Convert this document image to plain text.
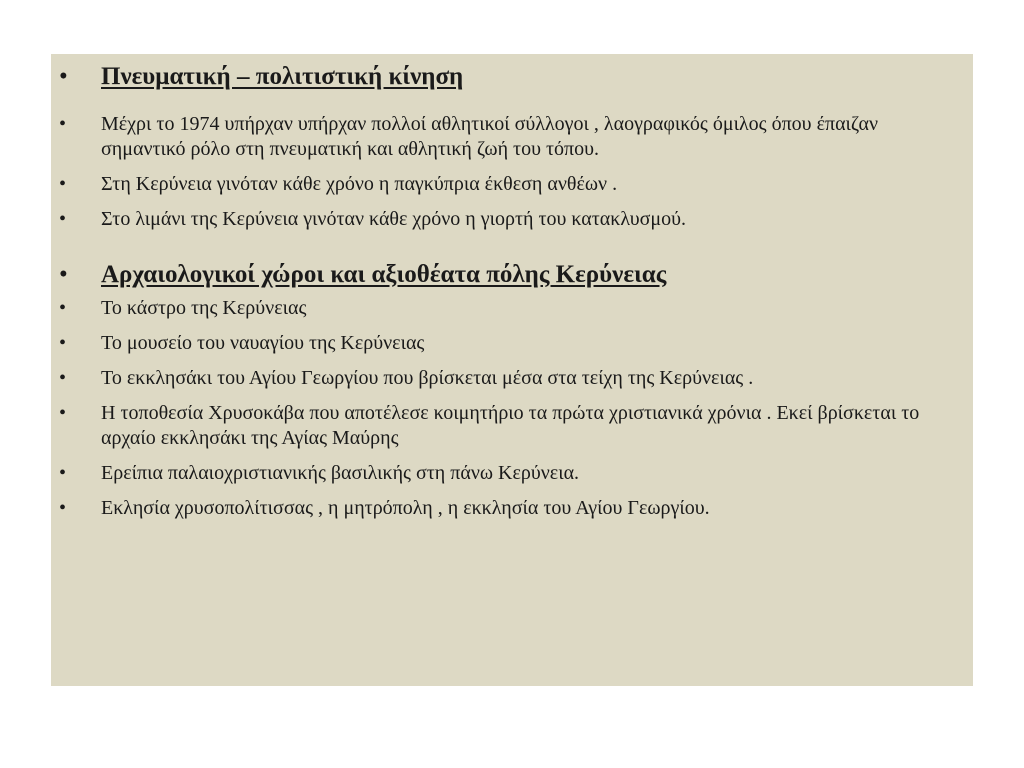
• Πνευματική – πολιτιστική κίνηση
• Μέχρι το 1974 υπήρχαν υπήρχαν πολλοί αθλητικοί σύλλογοι , λαογραφικός όμιλος όπου έπαιζαν σημαντικό ρόλο στη πνευματική και αθλητική ζωή του τόπου.
• Στη Κερύνεια γινόταν κάθε χρόνο η παγκύπρια έκθεση ανθέων .
• Στο λιμάνι της Κερύνεια γινόταν κάθε χρόνο η γιορτή του κατακλυσμού.
• Αρχαιολογικοί χώροι και αξιοθέατα πόλης Κερύνειας
• Το κάστρο της Κερύνειας
• Το μουσείο του ναυαγίου της Κερύνειας
• Το εκκλησάκι του Αγίου Γεωργίου που βρίσκεται μέσα στα τείχη της Κερύνειας .
• Η τοποθεσία Χρυσοκάβα που αποτέλεσε κοιμητήριο τα πρώτα χριστιανικά χρόνια . Εκεί βρίσκεται το αρχαίο εκκλησάκι της Αγίας Μαύρης
• Ερείπια παλαιοχριστιανικής βασιλικής στη πάνω Κερύνεια.
• Εκλησία χρυσοπολίτισσας , η μητρόπολη , η εκκλησία του Αγίου Γεωργίου.
